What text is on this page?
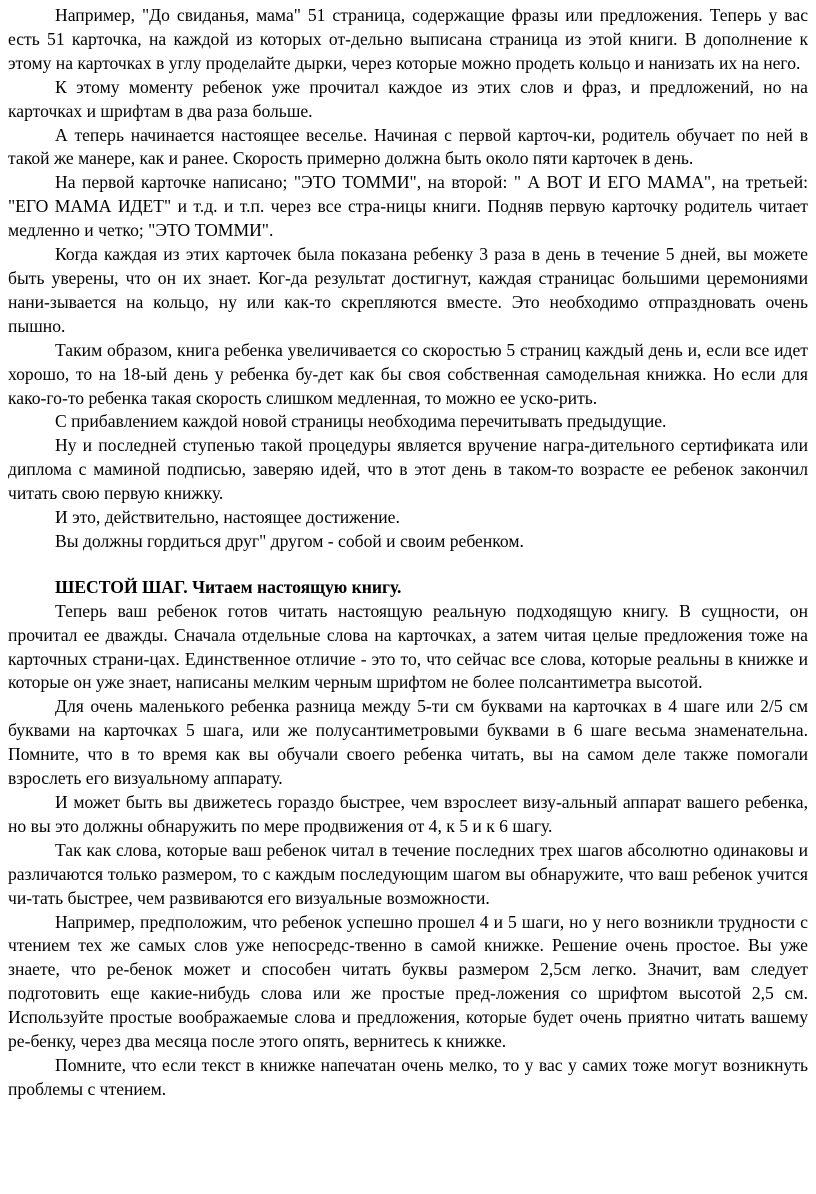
Например, "До свиданья, мама" 51 страница, содержащие фразы или предложения. Теперь у вас есть 51 карточка, на каждой из которых от-дельно выписана страница из этой книги. В дополнение к этому на карточках в углу проделайте дырки, через которые можно продеть кольцо и нанизать их на него.

К этому моменту ребенок уже прочитал каждое из этих слов и фраз, и предложений, но на карточках и шрифтам в два раза больше.

А теперь начинается настоящее веселье. Начиная с первой карточ-ки, родитель обучает по ней в такой же манере, как и ранее. Скорость примерно должна быть около пяти карточек в день.

На первой карточке написано; "ЭТО ТОММИ", на второй: " А ВОТ И ЕГО МАМА", на третьей: "ЕГО МАМА ИДЕТ" и т.д. и т.п. через все стра-ницы книги. Подняв первую карточку родитель читает медленно и четко; "ЭТО ТОММИ".

Когда каждая из этих карточек была показана ребенку 3 раза в день в течение 5 дней, вы можете быть уверены, что он их знает. Ког-да результат достигнут, каждая страницас большими церемониями нани-зывается на кольцо, ну или как-то скрепляются вместе. Это необходимо отпраздновать очень пышно.

Таким образом, книга ребенка увеличивается со скоростью 5 страниц каждый день и, если все идет хорошо, то на 18-ый день у ребенка бу-дет как бы своя собственная самодельная книжка. Но если для како-го-то ребенка такая скорость слишком медленная, то можно ее уско-рить.

С прибавлением каждой новой страницы необходима перечитывать предыдущие.

Ну и последней ступенью такой процедуры является вручение награ-дительного сертификата или диплома с маминой подписью, заверяю идей, что в этот день в таком-то возрасте ее ребенок закончил читать свою первую книжку.

И это, действительно, настоящее достижение.

Вы должны гордиться друг" другом - собой и своим ребенком.

ШЕСТОЙ ШАГ. Читаем настоящую книгу.

Теперь ваш ребенок готов читать настоящую реальную подходящую книгу. В сущности, он прочитал ее дважды. Сначала отдельные слова на карточках, а затем читая целые предложения тоже на карточных страни-цах. Единственное отличие - это то, что сейчас все слова, которые реальны в книжке и которые он уже знает, написаны мелким черным шрифтом не более полсантиметра высотой.

Для очень маленького ребенка разница между 5-ти см буквами на карточках в 4 шаге или 2/5 см буквами на карточках 5 шага, или же полусантиметровыми буквами в 6 шаге весьма знаменательна. Помните, что в то время как вы обучали своего ребенка читать, вы на самом деле также помогали взрослеть его визуальному аппарату.

И может быть вы движетесь гораздо быстрее, чем взрослеет визу-альный аппарат вашего ребенка, но вы это должны обнаружить по мере продвижения от 4, к 5 и к 6 шагу.

Так как слова, которые ваш ребенок читал в течение последних трех шагов абсолютно одинаковы и различаются только размером, то с каждым последующим шагом вы обнаружите, что ваш ребенок учится чи-тать быстрее, чем развиваются его визуальные возможности.

Например, предположим, что ребенок успешно прошел 4 и 5 шаги, но у него возникли трудности с чтением тех же самых слов уже непосредс-твенно в самой книжке. Решение очень простое. Вы уже знаете, что ре-бенок может и способен читать буквы размером 2,5см легко. Значит, вам следует подготовить еще какие-нибудь слова или же простые пред-ложения со шрифтом высотой 2,5 см. Используйте простые воображаемые слова и предложения, которые будет очень приятно читать вашему ре-бенку, через два месяца после этого опять, вернитесь к книжке.

Помните, что если текст в книжке напечатан очень мелко, то у вас у самих тоже могут возникнуть проблемы с чтением.
